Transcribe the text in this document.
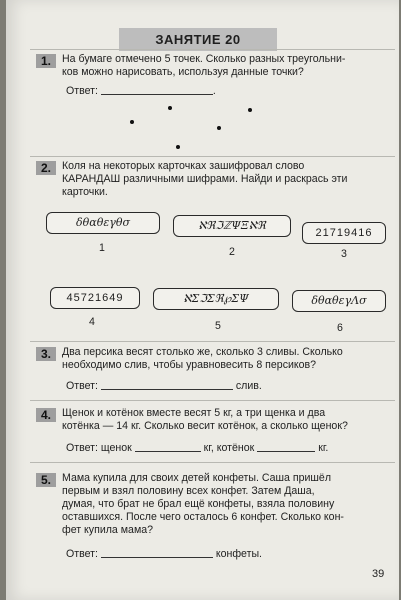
ЗАНЯТИЕ 20
1.	На бумаге отмечено 5 точек. Сколько разных треугольни-
ков можно нарисовать, используя данные точки?
Ответ:	.
2.	Коля на некоторых карточках зашифровал слово
КАРАНДАШ различными шифрами. Найди и раскрась эти
карточки.
δθαθεγθσ	ℵℜℑℤΨΞℵℜ
21719416
1	2	3
45721649	ℵΣℑΣℜ℘ΣΨ	δθαθεγΛσ
4	5	6
3.	Два персика весят столько же, сколько 3 сливы. Сколько
необходимо слив, чтобы уравновесить 8 персиков?
Ответ:	слив.
4.	Щенок и котёнок вместе весят 5 кг, а три щенка и два
котёнка — 14 кг. Сколько весит котёнок, а сколько щенок?
Ответ: щенок	кг, котёнок	кг.
5.	Мама купила для своих детей конфеты. Саша пришёл
первым и взял половину всех конфет. Затем Даша,
думая, что брат не брал ещё конфеты, взяла половину
оставшихся. После чего осталось 6 конфет. Сколько кон-
фет купила мама?
Ответ:	конфеты.
39
